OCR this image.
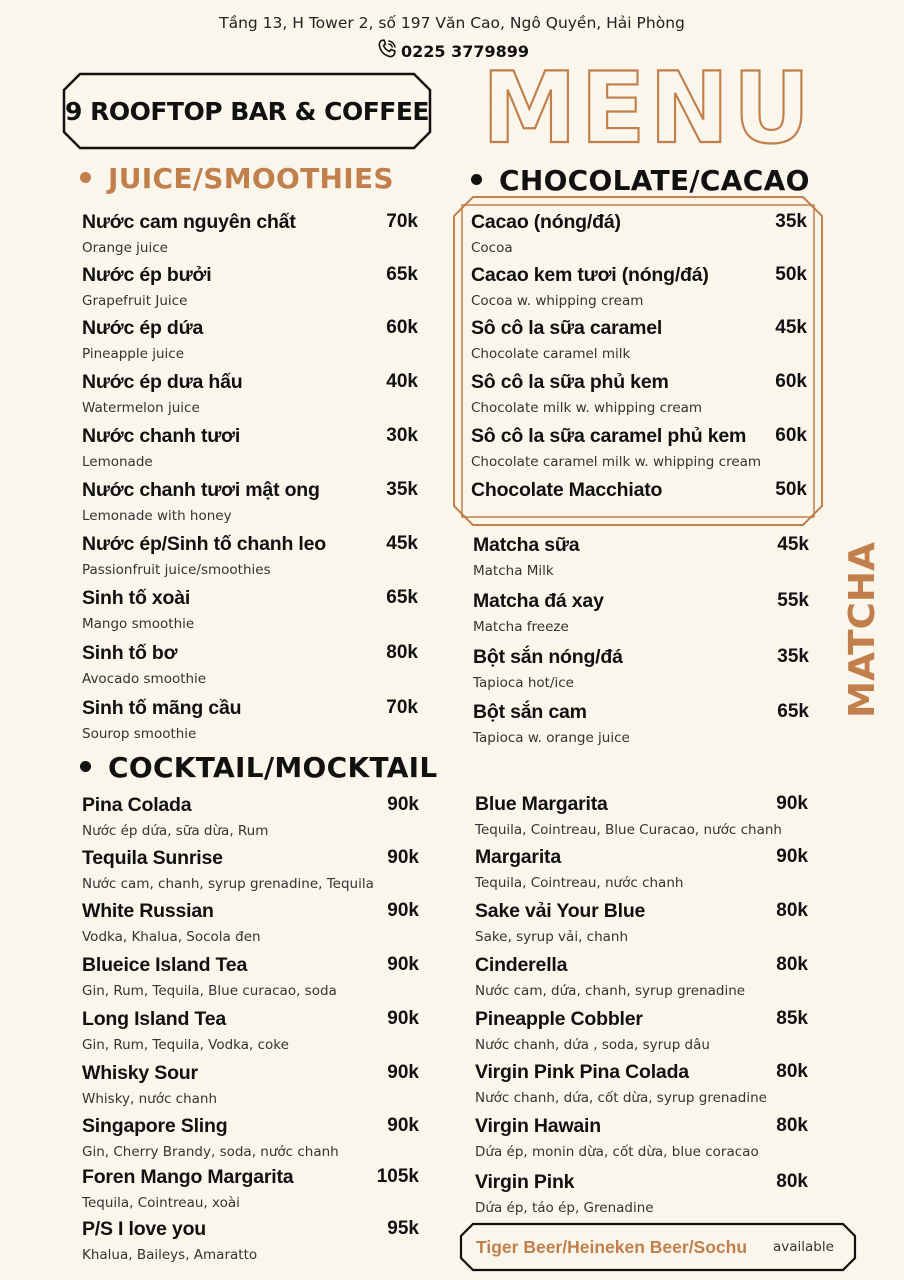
Tầng 13, H Tower 2, số 197 Văn Cao, Ngô Quyền, Hải Phòng
0225 3779899
9 ROOFTOP BAR & COFFEE MENU
JUICE/SMOOTHIES	CHOCOLATE/CACAO
COCKTAIL/MOCKTAIL
MATCHA
Nước cam nguyên chất	70k
Orange juice
Nước ép bưởi	65k
Grapefruit Juice
Nước ép dứa	60k
Pineapple juice
Nước ép dưa hấu	40k
Watermelon juice
Nước chanh tươi	30k
Lemonade
Nước chanh tươi mật ong	35k
Lemonade with honey
Nước ép/Sinh tố chanh leo	45k
Passionfruit juice/smoothies
Sinh tố xoài	65k
Mango smoothie
Sinh tố bơ	80k
Avocado smoothie
Sinh tố mãng cầu	70k
Sourop smoothie
Cacao (nóng/đá)	35k
Cocoa
Cacao kem tươi (nóng/đá)	50k
Cocoa w. whipping cream
Sô cô la sữa caramel	45k
Chocolate caramel milk
Sô cô la sữa phủ kem	60k
Chocolate milk w. whipping cream
Sô cô la sữa caramel phủ kem	60k
Chocolate caramel milk w. whipping cream
Chocolate Macchiato	50k
Matcha sữa	45k
Matcha Milk
Matcha đá xay	55k
Matcha freeze
Bột sắn nóng/đá	35k
Tapioca hot/ice
Bột sắn cam	65k
Tapioca w. orange juice
Pina Colada	90k
Nước ép dứa, sữa dừa, Rum
Tequila Sunrise	90k
Nước cam, chanh, syrup grenadine, Tequila
White Russian	90k
Vodka, Khalua, Socola đen
Blueice Island Tea	90k
Gin, Rum, Tequila, Blue curacao, soda
Long Island Tea	90k
Gin, Rum, Tequila, Vodka, coke
Whisky Sour	90k
Whisky, nước chanh
Singapore Sling	90k
Gin, Cherry Brandy, soda, nước chanh
Foren Mango Margarita	105k
Tequila, Cointreau, xoài
P/S I love you	95k
Khalua, Baileys, Amaratto
Blue Margarita	90k
Tequila, Cointreau, Blue Curacao, nước chanh
Margarita	90k
Tequila, Cointreau, nước chanh
Sake vải Your Blue	80k
Sake, syrup vải, chanh
Cinderella	80k
Nước cam, dứa, chanh, syrup grenadine
Pineapple Cobbler	85k
Nước chanh, dứa , soda, syrup dâu
Virgin Pink Pina Colada	80k
Nước chanh, dứa, cốt dừa, syrup grenadine
Virgin Hawain	80k
Dứa ép, monin dừa, cốt dừa, blue coracao
Virgin Pink	80k
Dứa ép, táo ép, Grenadine
Tiger Beer/Heineken Beer/Sochu available
